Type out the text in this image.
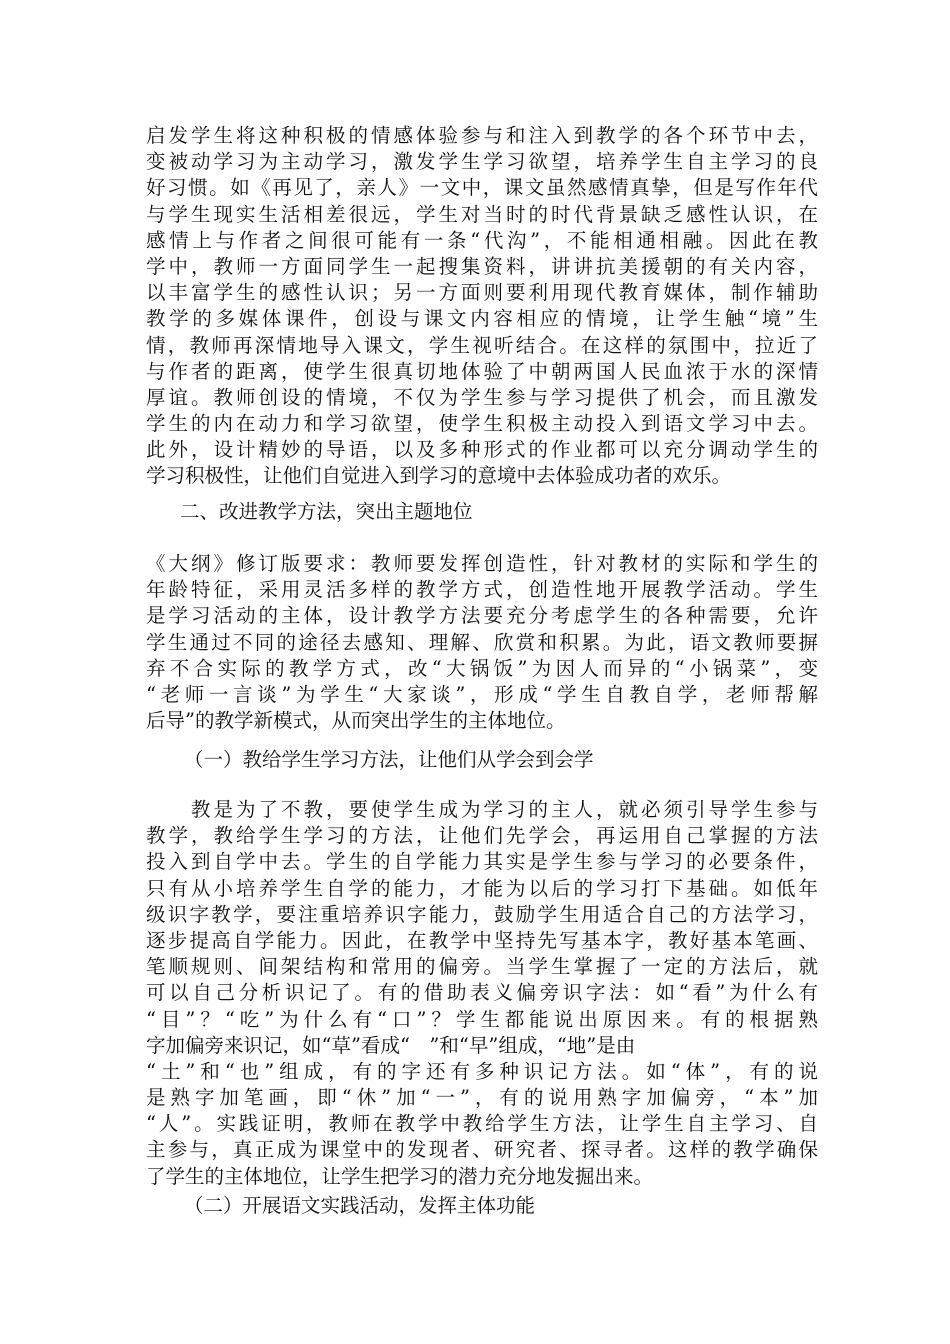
启发学生将这种积极的情感体验参与和注入到教学的各个环节中去，
变被动学习为主动学习，激发学生学习欲望，培养学生自主学习的良
好习惯。如《再见了，亲人》一文中，课文虽然感情真挚，但是写作年代
与学生现实生活相差很远，学生对当时的时代背景缺乏感性认识，在
感情上与作者之间很可能有一条“代沟”，不能相通相融。因此在教
学中，教师一方面同学生一起搜集资料，讲讲抗美援朝的有关内容，
以丰富学生的感性认识；另一方面则要利用现代教育媒体，制作辅助
教学的多媒体课件，创设与课文内容相应的情境，让学生触“境”生
情，教师再深情地导入课文，学生视听结合。在这样的氛围中，拉近了
与作者的距离，使学生很真切地体验了中朝两国人民血浓于水的深情
厚谊。教师创设的情境，不仅为学生参与学习提供了机会，而且激发
学生的内在动力和学习欲望，使学生积极主动投入到语文学习中去。
此外，设计精妙的导语，以及多种形式的作业都可以充分调动学生的
学习积极性，让他们自觉进入到学习的意境中去体验成功者的欢乐。
二、改进教学方法，突出主题地位
《大纲》修订版要求：教师要发挥创造性，针对教材的实际和学生的
年龄特征，采用灵活多样的教学方式，创造性地开展教学活动。学生
是学习活动的主体，设计教学方法要充分考虑学生的各种需要，允许
学生通过不同的途径去感知、理解、欣赏和积累。为此，语文教师要摒
弃不合实际的教学方式，改“大锅饭”为因人而异的“小锅菜”，变
“老师一言谈”为学生“大家谈”，形成“学生自教自学，老师帮解
后导”的教学新模式，从而突出学生的主体地位。
（一）教给学生学习方法，让他们从学会到会学
　　教是为了不教，要使学生成为学习的主人，就必须引导学生参与
教学，教给学生学习的方法，让他们先学会，再运用自己掌握的方法
投入到自学中去。学生的自学能力其实是学生参与学习的必要条件，
只有从小培养学生自学的能力，才能为以后的学习打下基础。如低年
级识字教学，要注重培养识字能力，鼓励学生用适合自己的方法学习，
逐步提高自学能力。因此，在教学中坚持先写基本字，教好基本笔画、
笔顺规则、间架结构和常用的偏旁。当学生掌握了一定的方法后，就
可以自己分析识记了。有的借助表义偏旁识字法：如“看”为什么有
“目”？“吃”为什么有“口”？学生都能说出原因来。有的根据熟
字加偏旁来识记，如“草”看成“　”和“早”组成，“地”是由
“土”和“也”组成，有的字还有多种识记方法。如“体”，有的说
是熟字加笔画，即“休”加“一”，有的说用熟字加偏旁，“本”加
“人”。实践证明，教师在教学中教给学生方法，让学生自主学习、自
主参与，真正成为课堂中的发现者、研究者、探寻者。这样的教学确保
了学生的主体地位，让学生把学习的潜力充分地发掘出来。
（二）开展语文实践活动，发挥主体功能
